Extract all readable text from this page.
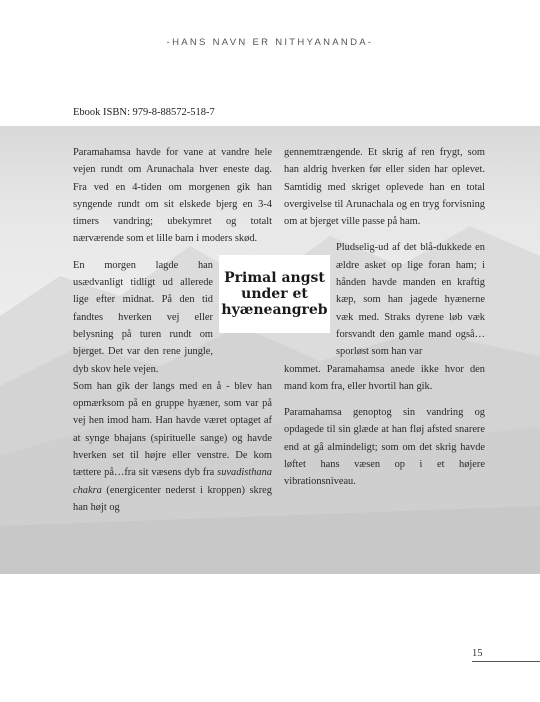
-HANS NAVN ER NITHYANANDA-
Ebook ISBN: 979-8-88572-518-7

Paramahamsa havde for vane at vandre hele vejen rundt om Arunachala hver eneste dag. Fra ved en 4-tiden om morgenen gik han syngende rundt om sit elskede bjerg en 3-4 timers vandring; ubekymret og totalt nærværende som et lille barn i moders skød.

En morgen lagde han usædvanligt tidligt ud allerede lige efter midnat. På den tid fandtes hverken vej eller belysning på turen rundt om bjerget. Det var den rene jungle, dyb skov hele vejen.

Som han gik der langs med en å - blev han opmærksom på en gruppe hyæner, som var på vej hen imod ham. Han havde været optaget af at synge bhajans (spirituelle sange) og havde hverken set til højre eller venstre. De kom tættere på…fra sit væsens dyb fra suvadisthana chakra (energicenter nederst i kroppen) skreg han højt og

gennemtrængende. Et skrig af ren frygt, som han aldrig hverken før eller siden har oplevet. Samtidig med skriget oplevede han en total overgivelse til Arunachala og en tryg forvisning om at bjerget ville passe på ham.

Pludselig-ud af det blå-dukkede en ældre asket op lige foran ham; i hånden havde manden en kraftig kæp, som han jagede hyænerne væk med. Straks dyrene løb væk forsvandt den gamle mand også…sporløst som han var

kommet. Paramahamsa anede ikke hvor den mand kom fra, eller hvortil han gik.

Paramahamsa genoptog sin vandring og opdagede til sin glæde at han fløj afsted snarere end at gå almindeligt; som om det skrig havde løftet hans væsen op i et højere vibrationsniveau.

Primal angst
under et
hyæneangreb
15
